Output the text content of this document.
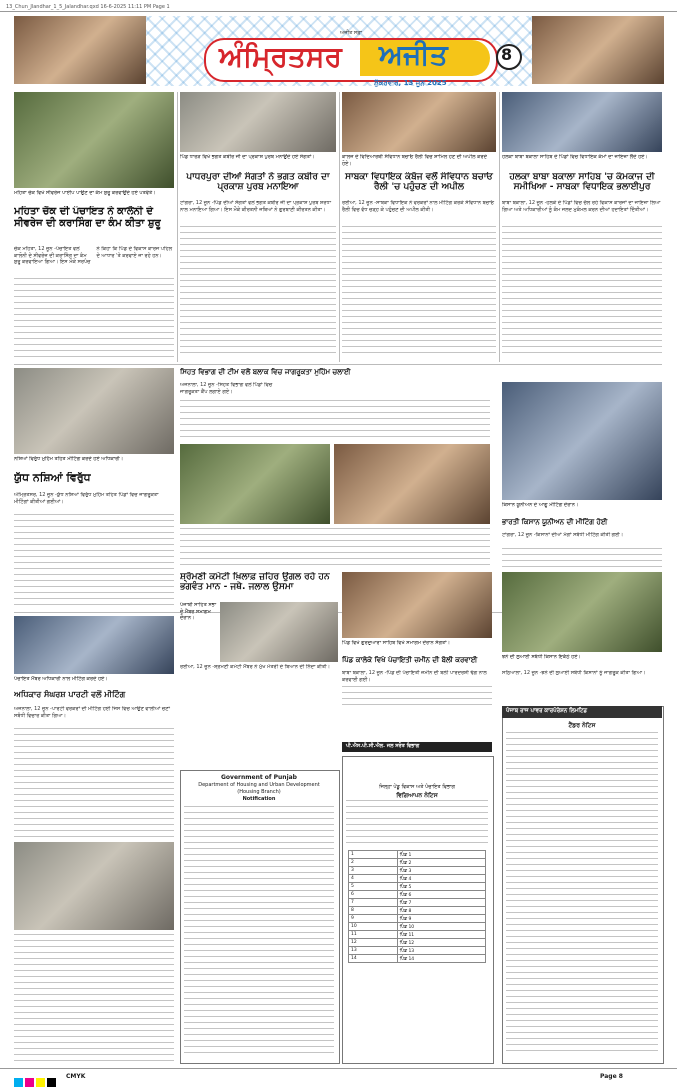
13_Chun_Jlandhar_1_5_Jalandhar.qxd 16-6-2025 11:11 PM Page 1
ਅੰਮ੍ਰਿਤਸਰ ਅਜੀਤ
ਅਜੀਤ ਸਫ਼ਾ
8
ਸ਼ੁੱਕਰਵਾਰ, 13 ਜੂਨ 2025
ਮਹਿਤਾ ਚੌਕ ਵਿਖੇ ਸੀਵਰੇਜ ਪਾਈਪ ਪਾਉਣ ਦਾ ਕੰਮ ਸ਼ੁਰੂ ਕਰਵਾਉਂਦੇ ਹੋਏ ਪਤਵੰਤੇ।
ਮਹਿਤਾ ਚੌਕ ਦੀ ਪੰਚਾਇਤ ਨੇ ਕਾਲੋਨੀ ਦੇ ਸੀਵਰੇਜ ਦੀ ਕਰਾਸਿੰਗ ਦਾ ਕੰਮ ਕੀਤਾ ਸ਼ੁਰੂ
ਚੌਕ ਮਹਿਤਾ, 12 ਜੂਨ -ਪੰਚਾਇਤ ਵਲੋਂ ਕਾਲੋਨੀ ਦੇ ਸੀਵਰੇਜ ਦੀ ਕਰਾਸਿੰਗ ਦਾ ਕੰਮ ਸ਼ੁਰੂ ਕਰਵਾਇਆ ਗਿਆ। ਇਸ ਮੌਕੇ ਸਰਪੰਚ ਨੇ ਕਿਹਾ ਕਿ ਪਿੰਡ ਦੇ ਵਿਕਾਸ ਕਾਰਜ ਪਹਿਲ ਦੇ ਆਧਾਰ 'ਤੇ ਕਰਵਾਏ ਜਾ ਰਹੇ ਹਨ।
ਪਿੰਡ ਧਾਰੜ ਵਿਖੇ ਭਗਤ ਕਬੀਰ ਜੀ ਦਾ ਪ੍ਰਕਾਸ਼ ਪੁਰਬ ਮਨਾਉਂਦੇ ਹੋਏ ਸੰਗਤਾਂ।
ਪਾਧਰਪੁਰਾ ਦੀਆਂ ਸੰਗਤਾਂ ਨੇ ਭਗਤ ਕਬੀਰ ਦਾ ਪ੍ਰਕਾਸ਼ ਪੁਰਬ ਮਨਾਇਆ
ਟਾਂਗਰਾ, 12 ਜੂਨ -ਪਿੰਡ ਦੀਆਂ ਸੰਗਤਾਂ ਵਲੋਂ ਭਗਤ ਕਬੀਰ ਜੀ ਦਾ ਪ੍ਰਕਾਸ਼ ਪੁਰਬ ਸ਼ਰਧਾ ਨਾਲ ਮਨਾਇਆ ਗਿਆ। ਇਸ ਮੌਕੇ ਕੀਰਤਨੀ ਜਥਿਆਂ ਨੇ ਗੁਰਬਾਣੀ ਕੀਰਤਨ ਕੀਤਾ।
ਕਾਲਜ ਦੇ ਵਿਦਿਆਰਥੀ ਸੰਵਿਧਾਨ ਬਚਾਓ ਰੈਲੀ ਵਿਚ ਸ਼ਾਮਿਲ ਹੋਣ ਦੀ ਅਪੀਲ ਕਰਦੇ ਹੋਏ।
ਸਾਬਕਾ ਵਿਧਾਇਕ ਕੰਬੋਜ ਵਲੋਂ ਸੰਵਿਧਾਨ ਬਚਾਓ ਰੈਲੀ 'ਚ ਪਹੁੰਚਣ ਦੀ ਅਪੀਲ
ਰਈਆ, 12 ਜੂਨ -ਸਾਬਕਾ ਵਿਧਾਇਕ ਨੇ ਵਰਕਰਾਂ ਨਾਲ ਮੀਟਿੰਗ ਕਰਕੇ ਸੰਵਿਧਾਨ ਬਚਾਓ ਰੈਲੀ ਵਿਚ ਵੱਧ ਚੜ੍ਹ ਕੇ ਪਹੁੰਚਣ ਦੀ ਅਪੀਲ ਕੀਤੀ।
ਹਲਕਾ ਬਾਬਾ ਬਕਾਲਾ ਸਾਹਿਬ ਦੇ ਪਿੰਡਾਂ ਵਿਚ ਵਿਧਾਇਕ ਕੰਮਾਂ ਦਾ ਜਾਇਜ਼ਾ ਲੈਂਦੇ ਹੋਏ।
ਹਲਕਾ ਬਾਬਾ ਬਕਾਲਾ ਸਾਹਿਬ 'ਚ ਕੰਮਕਾਜ ਦੀ ਸਮੀਖਿਆ - ਸਾਬਕਾ ਵਿਧਾਇਕ ਭਲਾਈਪੁਰ
ਬਾਬਾ ਬਕਾਲਾ, 12 ਜੂਨ -ਹਲਕੇ ਦੇ ਪਿੰਡਾਂ ਵਿਚ ਚੱਲ ਰਹੇ ਵਿਕਾਸ ਕਾਰਜਾਂ ਦਾ ਜਾਇਜ਼ਾ ਲਿਆ ਗਿਆ ਅਤੇ ਅਧਿਕਾਰੀਆਂ ਨੂੰ ਕੰਮ ਜਲਦ ਮੁਕੰਮਲ ਕਰਨ ਦੀਆਂ ਹਦਾਇਤਾਂ ਦਿੱਤੀਆਂ।
ਸਿਹਤ ਵਿਭਾਗ ਦੀ ਟੀਮ ਵਲੋਂ ਬਲਾਕ ਵਿਚ ਜਾਗਰੂਕਤਾ ਮੁਹਿੰਮ ਚਲਾਈ
ਨਸ਼ਿਆਂ ਵਿਰੁੱਧ ਮੁਹਿੰਮ ਤਹਿਤ ਮੀਟਿੰਗ ਕਰਦੇ ਹੋਏ ਅਧਿਕਾਰੀ।
ਯੁੱਧ ਨਸ਼ਿਆਂ ਵਿਰੁੱਧ
ਅੰਮ੍ਰਿਤਸਰ, 12 ਜੂਨ -ਯੁੱਧ ਨਸ਼ਿਆਂ ਵਿਰੁੱਧ ਮੁਹਿੰਮ ਤਹਿਤ ਪਿੰਡਾਂ ਵਿਚ ਜਾਗਰੂਕਤਾ ਮੀਟਿੰਗਾਂ ਕੀਤੀਆਂ ਗਈਆਂ।
ਅਜਨਾਲਾ, 12 ਜੂਨ -ਸਿਹਤ ਵਿਭਾਗ ਵਲੋਂ ਪਿੰਡਾਂ ਵਿਚ ਜਾਗਰੂਕਤਾ ਕੈਂਪ ਲਗਾਏ ਗਏ।
ਕਿਸਾਨ ਯੂਨੀਅਨ ਦੇ ਆਗੂ ਮੀਟਿੰਗ ਦੌਰਾਨ।
ਭਾਰਤੀ ਕਿਸਾਨ ਯੂਨੀਅਨ ਦੀ ਮੀਟਿੰਗ ਹੋਈ
ਟਾਂਗਰਾ, 12 ਜੂਨ -ਕਿਸਾਨਾਂ ਦੀਆਂ ਮੰਗਾਂ ਸਬੰਧੀ ਮੀਟਿੰਗ ਕੀਤੀ ਗਈ।
ਸ਼੍ਰੋਮਣੀ ਕਮੇਟੀ ਖ਼ਿਲਾਫ਼ ਜ਼ਹਿਰ ਉਗਲ ਰਹੇ ਹਨ ਭਗਵੰਤ ਮਾਨ - ਜਥੇ. ਜਲਾਲ ਉਸਮਾ
ਪੰਜਾਬੀ ਸਾਹਿਤ ਸਭਾ ਦੇ ਮੈਂਬਰ ਸਮਾਗਮ ਦੌਰਾਨ।
ਰਈਆ, 12 ਜੂਨ -ਸ਼੍ਰੋਮਣੀ ਕਮੇਟੀ ਮੈਂਬਰ ਨੇ ਮੁੱਖ ਮੰਤਰੀ ਦੇ ਬਿਆਨ ਦੀ ਨਿੰਦਾ ਕੀਤੀ।
ਪਿੰਡ ਵਿਖੇ ਗੁਰਦੁਆਰਾ ਸਾਹਿਬ ਵਿਖੇ ਸਮਾਗਮ ਦੌਰਾਨ ਸੰਗਤਾਂ।
ਪਿੰਡ ਕਾਲੇਕੇ ਵਿਖੇ ਪੰਚਾਇਤੀ ਜ਼ਮੀਨ ਦੀ ਬੋਲੀ ਕਰਵਾਈ
ਬਾਬਾ ਬਕਾਲਾ, 12 ਜੂਨ -ਪਿੰਡ ਦੀ ਪੰਚਾਇਤੀ ਜ਼ਮੀਨ ਦੀ ਬੋਲੀ ਪਾਰਦਰਸ਼ੀ ਢੰਗ ਨਾਲ ਕਰਵਾਈ ਗਈ।
ਝੋਨੇ ਦੀ ਲੁਆਈ ਸਬੰਧੀ ਕਿਸਾਨ ਇਕੱਠੇ ਹੋਏ।
ਸਠਿਆਲਾ, 12 ਜੂਨ -ਝੋਨੇ ਦੀ ਲੁਆਈ ਸਬੰਧੀ ਕਿਸਾਨਾਂ ਨੂੰ ਜਾਗਰੂਕ ਕੀਤਾ ਗਿਆ।
ਪੰਚਾਇਤ ਮੈਂਬਰ ਅਧਿਕਾਰੀ ਨਾਲ ਮੀਟਿੰਗ ਕਰਦੇ ਹੋਏ।
ਅਧਿਕਾਰ ਸੰਘਰਸ਼ ਪਾਰਟੀ ਵਲੋਂ ਮੀਟਿੰਗ
ਅਜਨਾਲਾ, 12 ਜੂਨ -ਪਾਰਟੀ ਵਰਕਰਾਂ ਦੀ ਮੀਟਿੰਗ ਹੋਈ ਜਿਸ ਵਿਚ ਆਉਣ ਵਾਲੀਆਂ ਚੋਣਾਂ ਸਬੰਧੀ ਵਿਚਾਰ ਕੀਤਾ ਗਿਆ।
Government of Punjab
Department of Housing and Urban Development
(Housing Branch)
Notification
ਪੀ.ਐਸ.ਪੀ.ਸੀ.ਐਲ. ਜਲ ਸਰੋਤ ਵਿਭਾਗ
ਜਿਲ੍ਹਾ ਪੇਂਡੂ ਵਿਕਾਸ ਅਤੇ ਪੰਚਾਇਤ ਵਿਭਾਗ
ਵਿਗਿਆਪਨ ਨੋਟਿਸ
1	ਪਿੰਡ 1
2	ਪਿੰਡ 2
3	ਪਿੰਡ 3
4	ਪਿੰਡ 4
5	ਪਿੰਡ 5
6	ਪਿੰਡ 6
7	ਪਿੰਡ 7
8	ਪਿੰਡ 8
9	ਪਿੰਡ 9
10	ਪਿੰਡ 10
11	ਪਿੰਡ 11
12	ਪਿੰਡ 12
13	ਪਿੰਡ 13
14	ਪਿੰਡ 14
ਪੰਜਾਬ ਰਾਜ ਪਾਵਰ ਕਾਰਪੋਰੇਸ਼ਨ ਲਿਮਟਿਡ
ਟੈਂਡਰ ਨੋਟਿਸ
CMYK	Page 8
